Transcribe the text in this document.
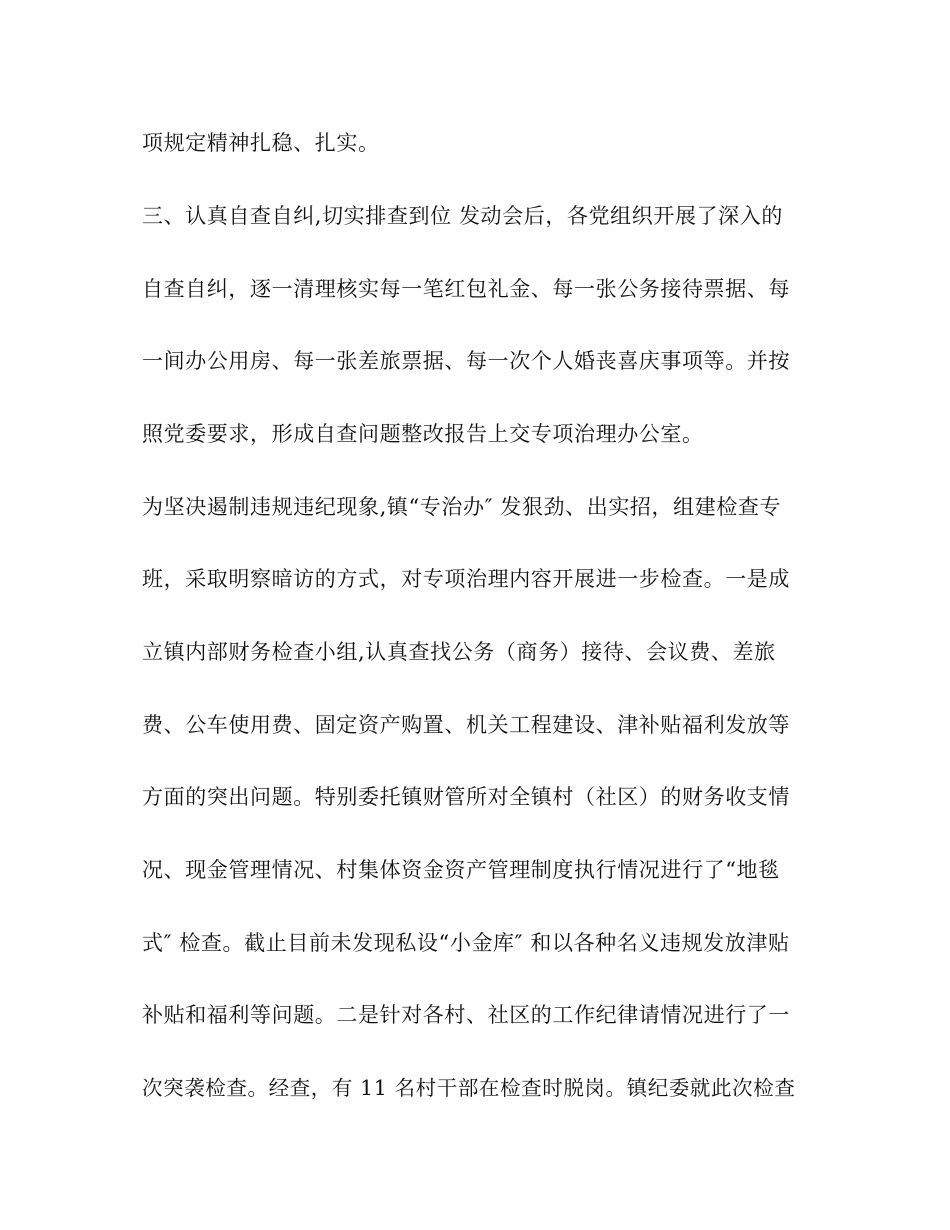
项规定精神扎稳、扎实。
三、认真自查自纠,切实排查到位 发动会后，各党组织开展了深入的
自查自纠，逐一清理核实每一笔红包礼金、每一张公务接待票据、每
一间办公用房、每一张差旅票据、每一次个人婚丧喜庆事项等。并按
照党委要求，形成自查问题整改报告上交专项治理办公室。
为坚决遏制违规违纪现象,镇“专治办″ 发狠劲、出实招，组建检查专
班，采取明察暗访的方式，对专项治理内容开展进一步检查。一是成
立镇内部财务检查小组,认真查找公务（商务）接待、会议费、差旅
费、公车使用费、固定资产购置、机关工程建设、津补贴福利发放等
方面的突出问题。特别委托镇财管所对全镇村（社区）的财务收支情
况、现金管理情况、村集体资金资产管理制度执行情况进行了“地毯
式″ 检查。截止目前未发现私设“小金库″ 和以各种名义违规发放津贴
补贴和福利等问题。二是针对各村、社区的工作纪律请情况进行了一
次突袭检查。经查，有 11 名村干部在检查时脱岗。镇纪委就此次检查
